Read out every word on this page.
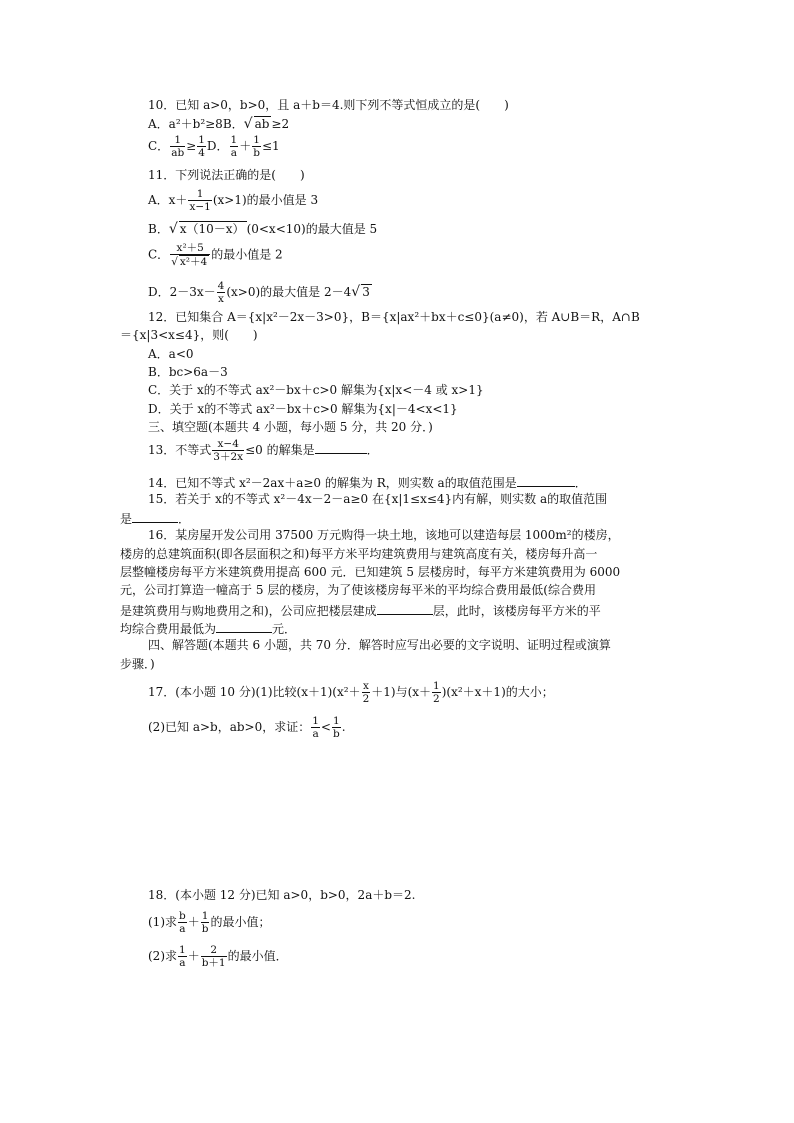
10．已知 a>0，b>0，且 a＋b＝4.则下列不等式恒成立的是(　　)
A．a²＋b²≥8B．√ ab ≥2
C． $\frac{1}{ab} \ge \frac{1}{4}$ D． $\frac{1}{a} + \frac{1}{b} \le 1$
11．下列说法正确的是(　　)
A．$x+ \frac{1}{x-1} (x>1)$的最小值是 3
B．√ x（10－x） (0<x<10)的最大值是 5
C． $\frac{\text{x²＋5}}{\text{√ x²＋4}}$ 的最小值是 2
D．$2-3x- \frac{4}{x} (x>0)$的最大值是 2－4√ 3
12．已知集合 A＝{x|x²－2x－3>0}，B＝{x|ax²＋bx＋c≤0}(a≠0)，若 A∪B＝R，A∩B
＝{x|3<x≤4}，则(　　)
A．a<0
B．bc>6a－3
C．关于 x的不等式 ax²－bx＋c>0 解集为{x|x<－4 或 x>1}
D．关于 x的不等式 ax²－bx＋c>0 解集为{x|－4<x<1}
三、填空题(本题共 4 小题，每小题 5 分，共 20 分．)
13．不等式 $\frac{x-4}{3+2x} \le 0$ 的解集是	．
14．已知不等式 x²－2ax＋a≥0 的解集为 R，则实数 a的取值范围是	．
15．若关于 x的不等式 x²－4x－2－a≥0 在{x|1≤x≤4}内有解，则实数 a的取值范围
是	．
16．某房屋开发公司用 37500 万元购得一块土地，该地可以建造每层 1000m²的楼房，
楼房的总建筑面积(即各层面积之和)每平方米平均建筑费用与建筑高度有关，楼房每升高一
层整幢楼房每平方米建筑费用提高 600 元．已知建筑 5 层楼房时，每平方米建筑费用为 6000
元，公司打算造一幢高于 5 层的楼房，为了使该楼房每平米的平均综合费用最低(综合费用
是建筑费用与购地费用之和)，公司应把楼层建成	层，此时，该楼房每平方米的平
均综合费用最低为	元．
四、解答题(本题共 6 小题，共 70 分．解答时应写出必要的文字说明、证明过程或演算
步骤．)
17．(本小题 10 分)(1)比较$(x+1)(x^2+ \frac{x}{2} +1)$与$(x+ \frac{1}{2} )(x^2+x+1)$的大小；
(2)已知 a>b，ab>0，求证： $\frac{1}{a} < \frac{1}{b}$ .
18．(本小题 12 分)已知 a>0，b>0，2a＋b＝2.
(1)求 $\frac{b}{a} + \frac{1}{b}$ 的最小值；
(2)求 $\frac{1}{a} + \frac{2}{b+1}$ 的最小值．
